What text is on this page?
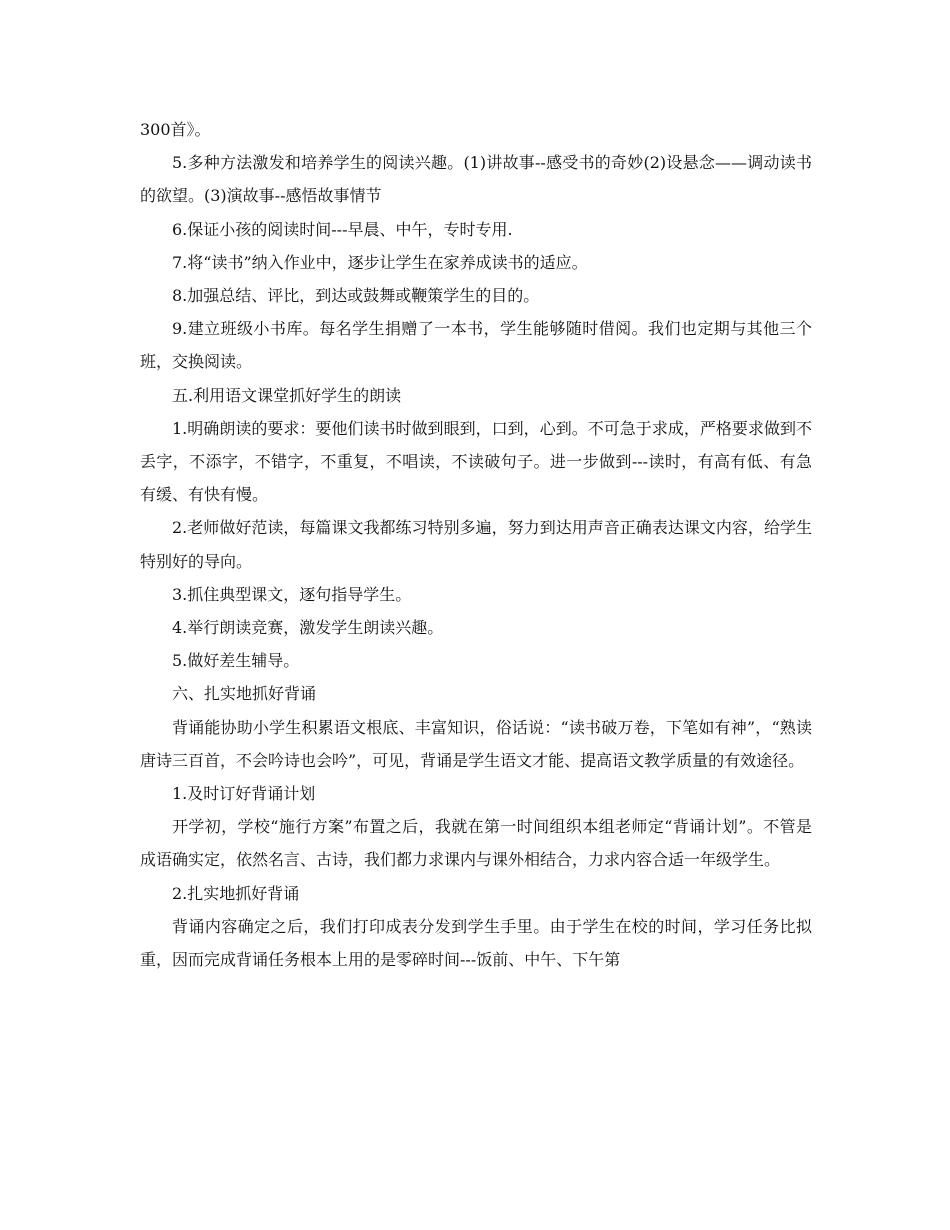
300首》。

5.多种方法激发和培养学生的阅读兴趣。(1)讲故事--感受书的奇妙(2)设悬念——调动读书的欲望。(3)演故事--感悟故事情节

6.保证小孩的阅读时间---早晨、中午，专时专用.

7.将“读书”纳入作业中，逐步让学生在家养成读书的适应。

8.加强总结、评比，到达或鼓舞或鞭策学生的目的。

9.建立班级小书库。每名学生捐赠了一本书，学生能够随时借阅。我们也定期与其他三个班，交换阅读。

五.利用语文课堂抓好学生的朗读

1.明确朗读的要求：要他们读书时做到眼到，口到，心到。不可急于求成，严格要求做到不丢字，不添字，不错字，不重复，不唱读，不读破句子。进一步做到---读时，有高有低、有急有缓、有快有慢。

2.老师做好范读，每篇课文我都练习特别多遍，努力到达用声音正确表达课文内容，给学生特别好的导向。

3.抓住典型课文，逐句指导学生。

4.举行朗读竞赛，激发学生朗读兴趣。

5.做好差生辅导。

六、扎实地抓好背诵

背诵能协助小学生积累语文根底、丰富知识，俗话说：“读书破万卷，下笔如有神”，“熟读唐诗三百首，不会吟诗也会吟”，可见，背诵是学生语文才能、提高语文教学质量的有效途径。

1.及时订好背诵计划

开学初，学校“施行方案”布置之后，我就在第一时间组织本组老师定“背诵计划”。不管是成语确实定，依然名言、古诗，我们都力求课内与课外相结合，力求内容合适一年级学生。

2.扎实地抓好背诵

背诵内容确定之后，我们打印成表分发到学生手里。由于学生在校的时间，学习任务比拟重，因而完成背诵任务根本上用的是零碎时间---饭前、中午、下午第
